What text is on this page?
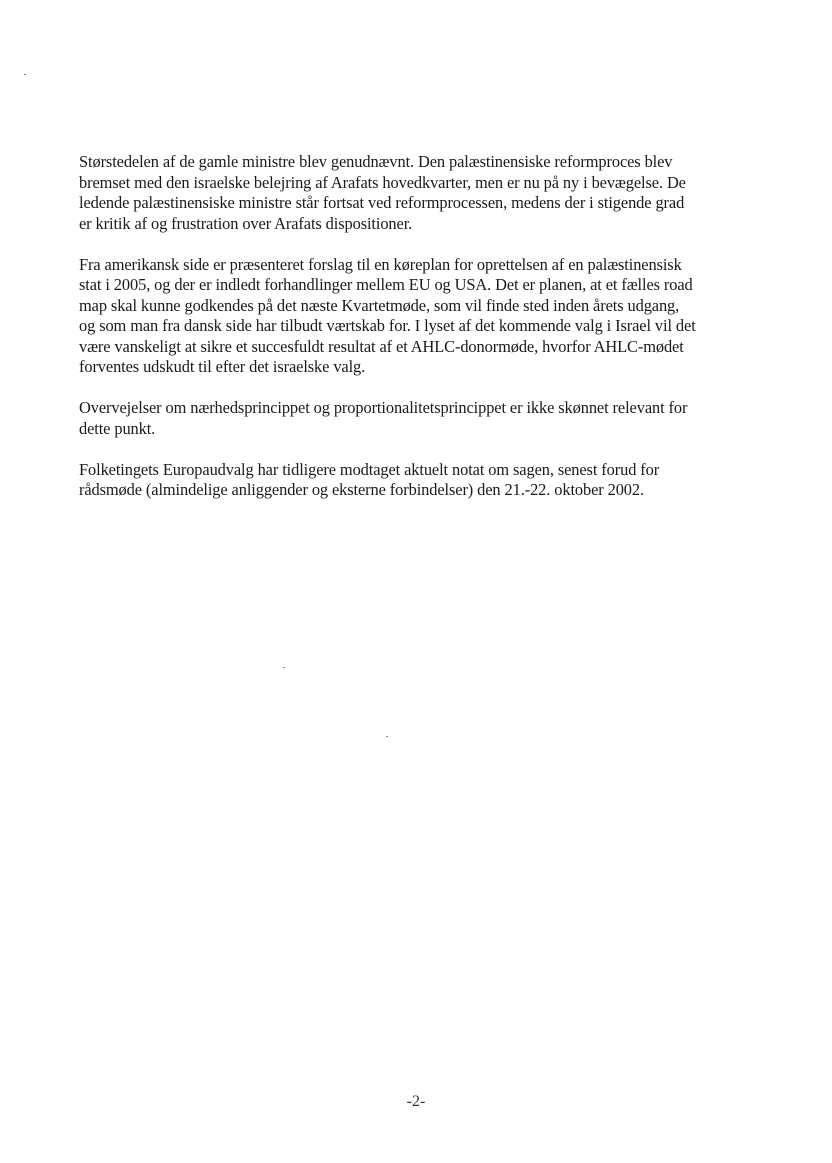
Størstedelen af de gamle ministre blev genudnævnt. Den palæstinensiske reformproces blev
bremset med den israelske belejring af Arafats hovedkvarter, men er nu på ny i bevægelse. De
ledende palæstinensiske ministre står fortsat ved reformprocessen, medens der i stigende grad
er kritik af og frustration over Arafats dispositioner.

Fra amerikansk side er præsenteret forslag til en køreplan for oprettelsen af en palæstinensisk
stat i 2005, og der er indledt forhandlinger mellem EU og USA. Det er planen, at et fælles road
map skal kunne godkendes på det næste Kvartetmøde, som vil finde sted inden årets udgang,
og som man fra dansk side har tilbudt værtskab for. I lyset af det kommende valg i Israel vil det
være vanskeligt at sikre et succesfuldt resultat af et AHLC-donormøde, hvorfor AHLC-mødet
forventes udskudt til efter det israelske valg.

Overvejelser om nærhedsprincippet og proportionalitetsprincippet er ikke skønnet relevant for
dette punkt.

Folketingets Europaudvalg har tidligere modtaget aktuelt notat om sagen, senest forud for
rådsmøde (almindelige anliggender og eksterne forbindelser) den 21.-22. oktober 2002.

-2-
